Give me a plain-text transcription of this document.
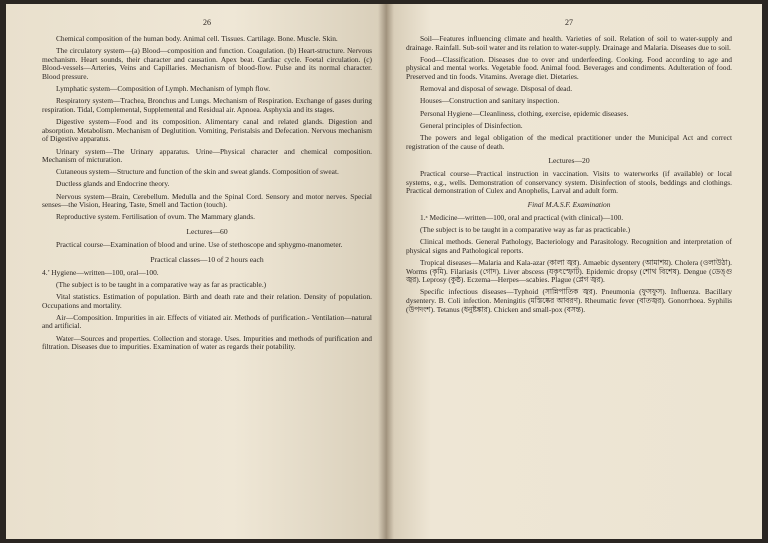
26

Chemical composition of the human body. Animal cell. Tissues. Cartilage. Bone. Muscle. Skin.

The circulatory system—(a) Blood—composition and function. Coagulation. (b) Heart-structure. Nervous mechanism. Heart sounds, their character and causation. Apex beat. Cardiac cycle. Foetal circulation. (c) Blood-vessels—Arteries, Veins and Capillaries. Mechanism of blood-flow. Pulse and its normal character. Blood pressure.

Lymphatic system—Composition of Lymph. Mechanism of lymph flow.

Respiratory system—Trachea, Bronchus and Lungs. Mechanism of Respiration. Exchange of gases during respiration. Tidal, Complemental, Supplemental and Residual air. Apnoea. Asphyxia and its stages.

Digestive system—Food and its composition. Alimentary canal and related glands. Digestion and absorption. Metabolism. Mechanism of Deglutition. Vomiting, Peristalsis and Defecation. Nervous mechanism of Digestive apparatus.

Urinary system—The Urinary apparatus. Urine—Physical character and chemical composition. Mechanism of micturation.

Cutaneous system—Structure and function of the skin and sweat glands. Composition of sweat.

Ductless glands and Endocrine theory.

Nervous system—Brain, Cerebellum. Medulla and the Spinal Cord. Sensory and motor nerves. Special senses—the Vision, Hearing, Taste, Smell and Taction (touch).

Reproductive system. Fertilisation of ovum. The Mammary glands.

Lectures—60

Practical course—Examination of blood and urine. Use of stethoscope and sphygmo-manometer.

Practical classes—10 of 2 hours each

4.’ Hygiene—written—100, oral—100.

(The subject is to be taught in a comparative way as far as practicable.)

Vital statistics. Estimation of population. Birth and death rate and their relation. Density of population. Occupations and mortality.

Air—Composition. Impurities in air. Effects of vitiated air. Methods of purification.- Ventilation—natural and artificial.

Water—Sources and properties. Collection and storage. Uses. Impurities and methods of purification and filtration. Diseases due to impurities. Examination of water as regards their potability.

27

Soil—Features influencing climate and health. Varieties of soil. Relation of soil to water-supply and drainage. Rainfall. Sub-soil water and its relation to water-supply. Drainage and Malaria. Diseases due to soil.

Food—Classification. Diseases due to over and underfeeding. Cooking. Food according to age and physical and mental works. Vegetable food. Animal food. Beverages and condiments. Adulteration of food. Preserved and tin foods. Vitamins. Average diet. Dietaries.

Removal and disposal of sewage. Disposal of dead.

Houses—Construction and sanitary inspection.

Personal Hygiene—Cleanliness, clothing, exercise, epidemic diseases.

General principles of Disinfection.

The powers and legal obligation of the medical practitioner under the Municipal Act and correct registration of the cause of death.

Lectures—20

Practical course—Practical instruction in vaccination. Visits to waterworks (if available) or local systems, e.g., wells. Demonstration of conservancy system. Disinfection of stools, beddings and clothings. Practical demonstration of Culex and Anophelis, Larval and adult form.

Final M.A.S.F. Examination

1.ˣ Medicine—written—100, oral and practical (with clinical)—100.

(The subject is to be taught in a comparative way as far as practicable.)

Clinical methods. General Pathology, Bacteriology and Parasitology. Recognition and interpretation of physical signs and Pathological reports.

Tropical diseases—Malaria and Kala-azar (কালা জ্বর). Amaebic dysentery (আমাশয়). Cholera (ওলাউঠা). Worms (কৃমি). Filariasis (গোদ). Liver abscess (যকৃৎস্ফোট). Epidemic dropsy (শোথ বিশেষ). Dengue (ডেঙ্গু জ্বর). Leprosy (কুষ্ঠ). Eczema—Herpes—scabies. Plague (প্লেগ জ্বর).

Specific infectious diseases—Typhoid (সান্নিপাতিক জ্বর). Pneumonia (ফুসফুস). Influenza. Bacillary dysentery. B. Coli infection. Meningitis (মস্তিষ্কের আবরণ). Rheumatic fever (বাতজ্বর). Gonorrhoea. Syphilis (উপদংশ). Tetanus (ধনুষ্টঙ্কার). Chicken and small-pox (বসন্ত).
